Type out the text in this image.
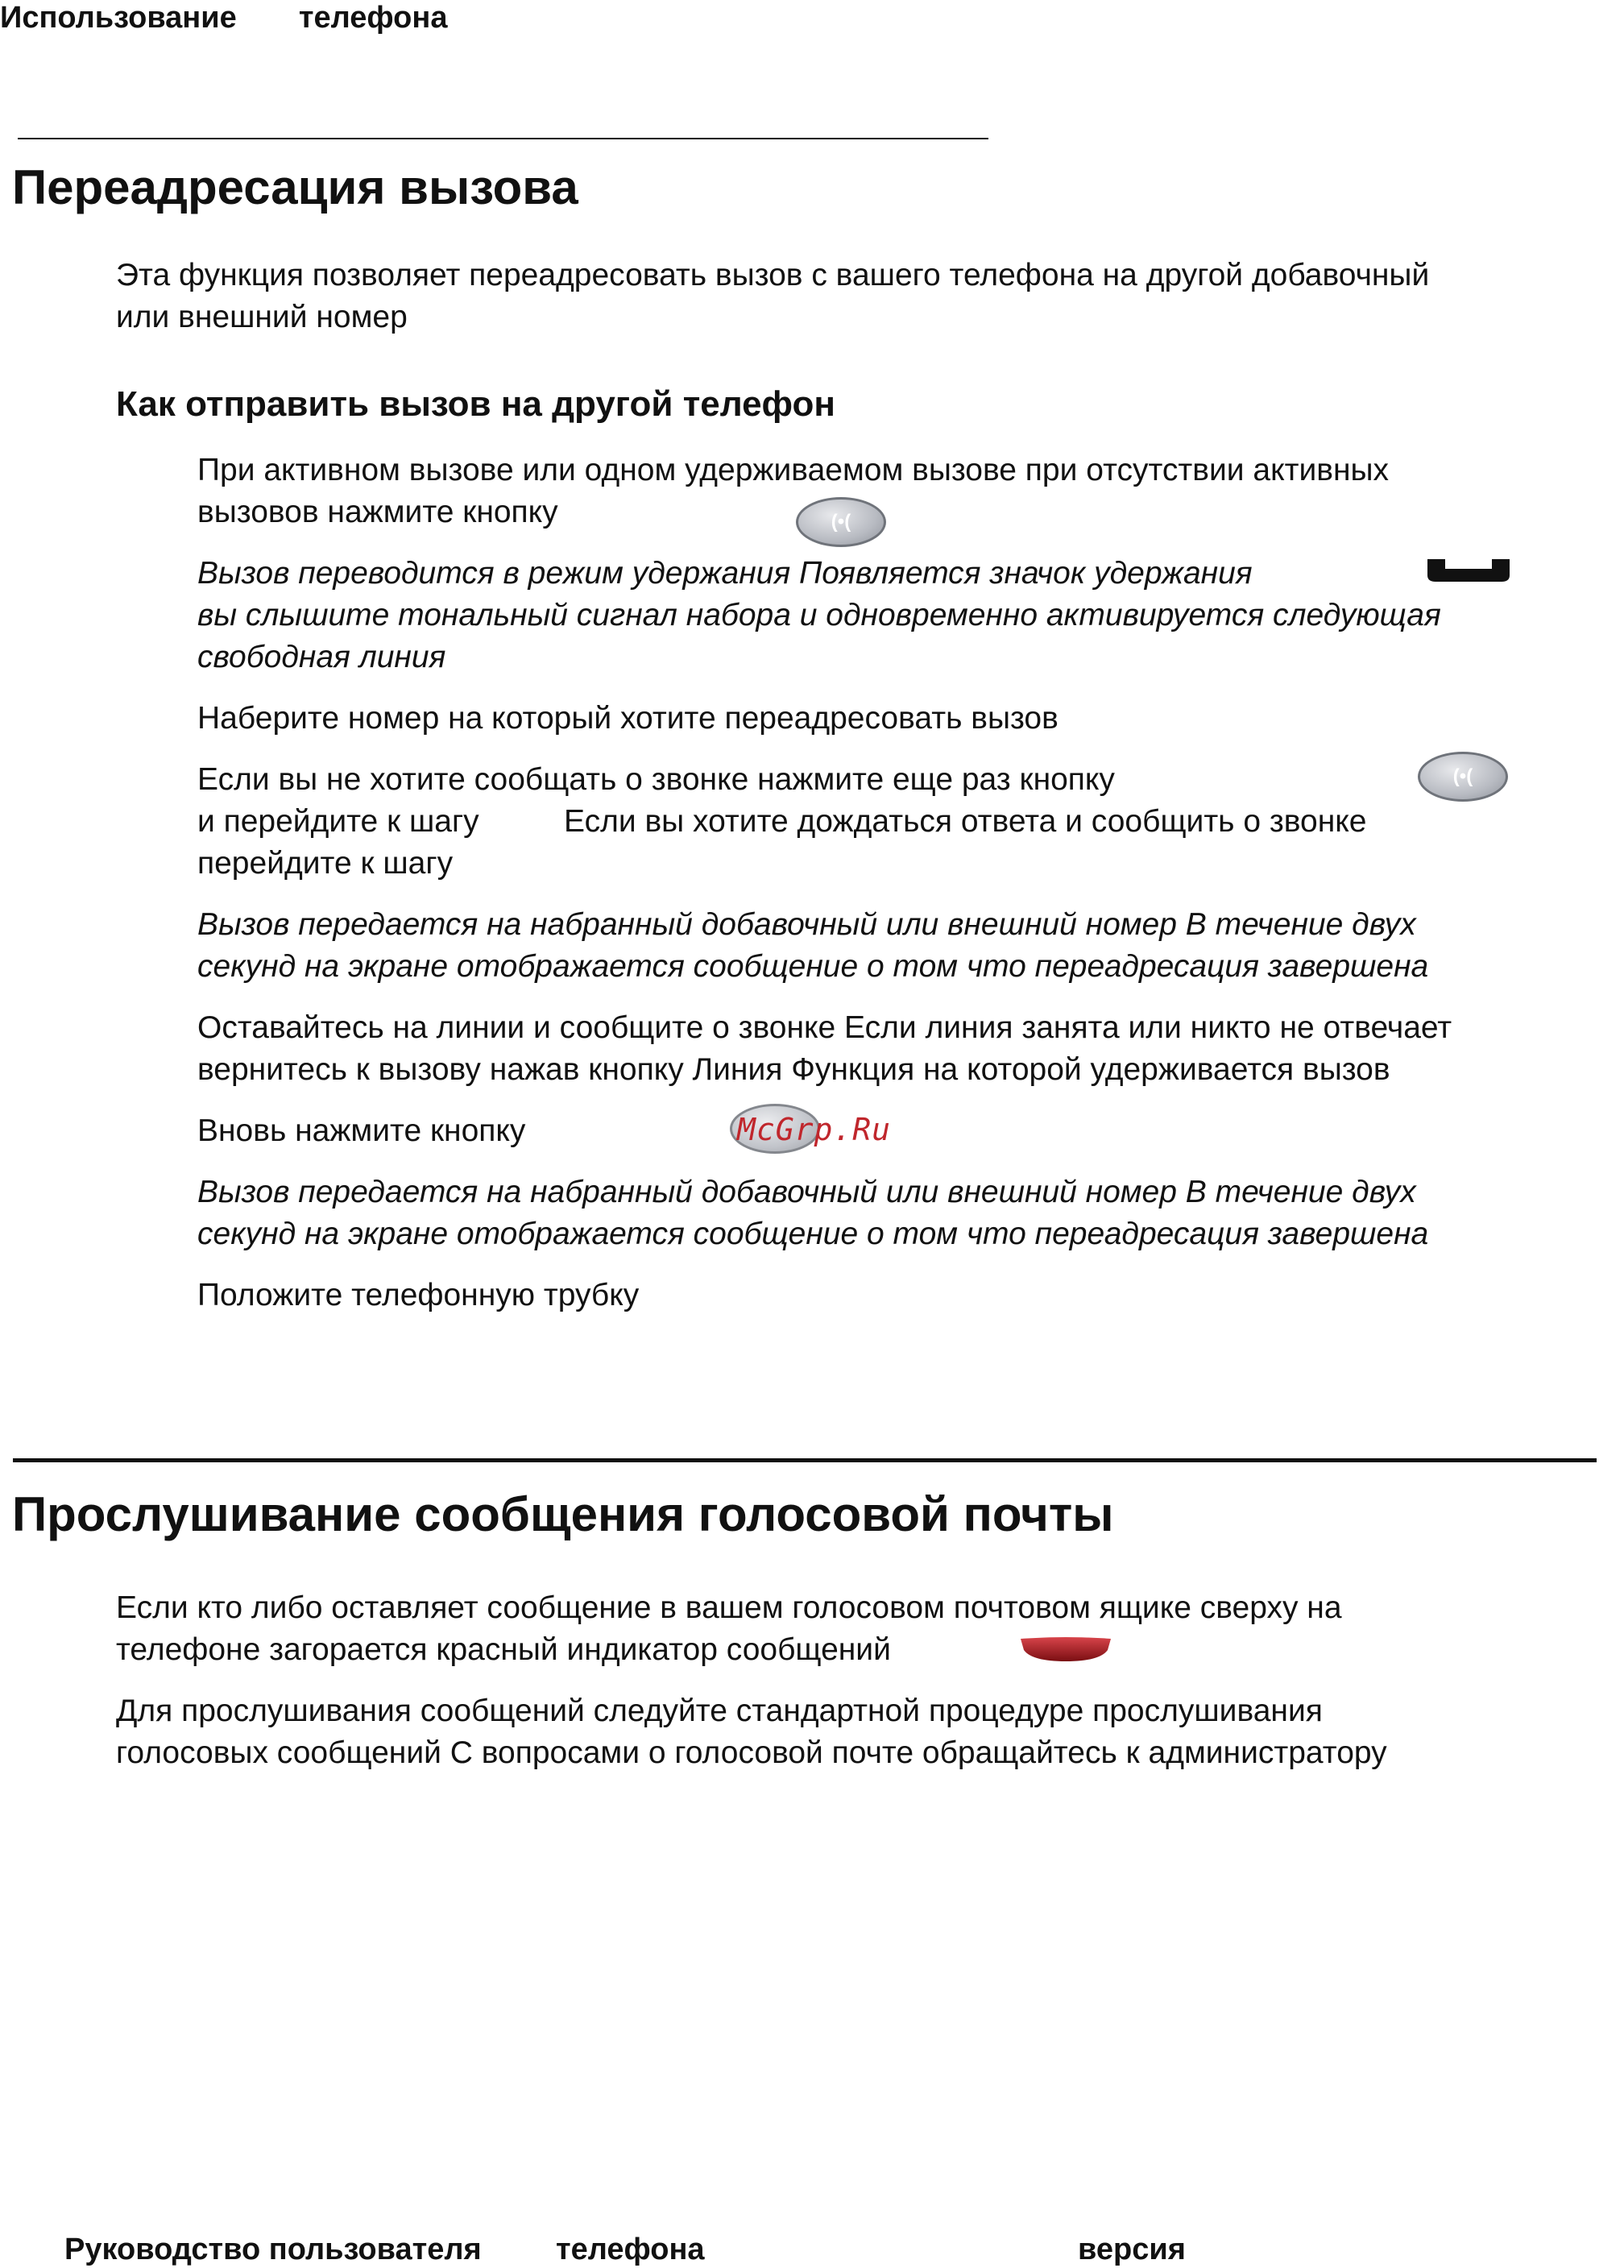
Использование телефона
Переадресация вызова
Эта функция позволяет переадресовать вызов с вашего телефона на другой добавочный
или внешний номер
Как отправить вызов на другой телефон
При активном вызове или одном удерживаемом вызове при отсутствии активных
вызовов нажмите кнопку	(•(
Вызов переводится в режим удержания Появляется значок удержания
вы слышите тональный сигнал набора и одновременно активируется следующая
свободная линия
Наберите номер на который хотите переадресовать вызов
Если вы не хотите сообщать о звонке нажмите еще раз кнопку	(•(
и перейдите к шагу	Если вы хотите дождаться ответа и сообщить о звонке
перейдите к шагу
Вызов передается на набранный добавочный или внешний номер В течение двух
секунд на экране отображается сообщение о том что переадресация завершена
Оставайтесь на линии и сообщите о звонке Если линия занята или никто не отвечает
вернитесь к вызову нажав кнопку Линия Функция на которой удерживается вызов
Вновь нажмите кнопку	McGrp.Ru
Вызов передается на набранный добавочный или внешний номер В течение двух
секунд на экране отображается сообщение о том что переадресация завершена
Положите телефонную трубку
Прослушивание сообщения голосовой почты
Если кто либо оставляет сообщение в вашем голосовом почтовом ящике сверху на
телефоне загорается красный индикатор сообщений
Для прослушивания сообщений следуйте стандартной процедуре прослушивания
голосовых сообщений С вопросами о голосовой почте обращайтесь к администратору
Руководство пользователя телефона	версия
